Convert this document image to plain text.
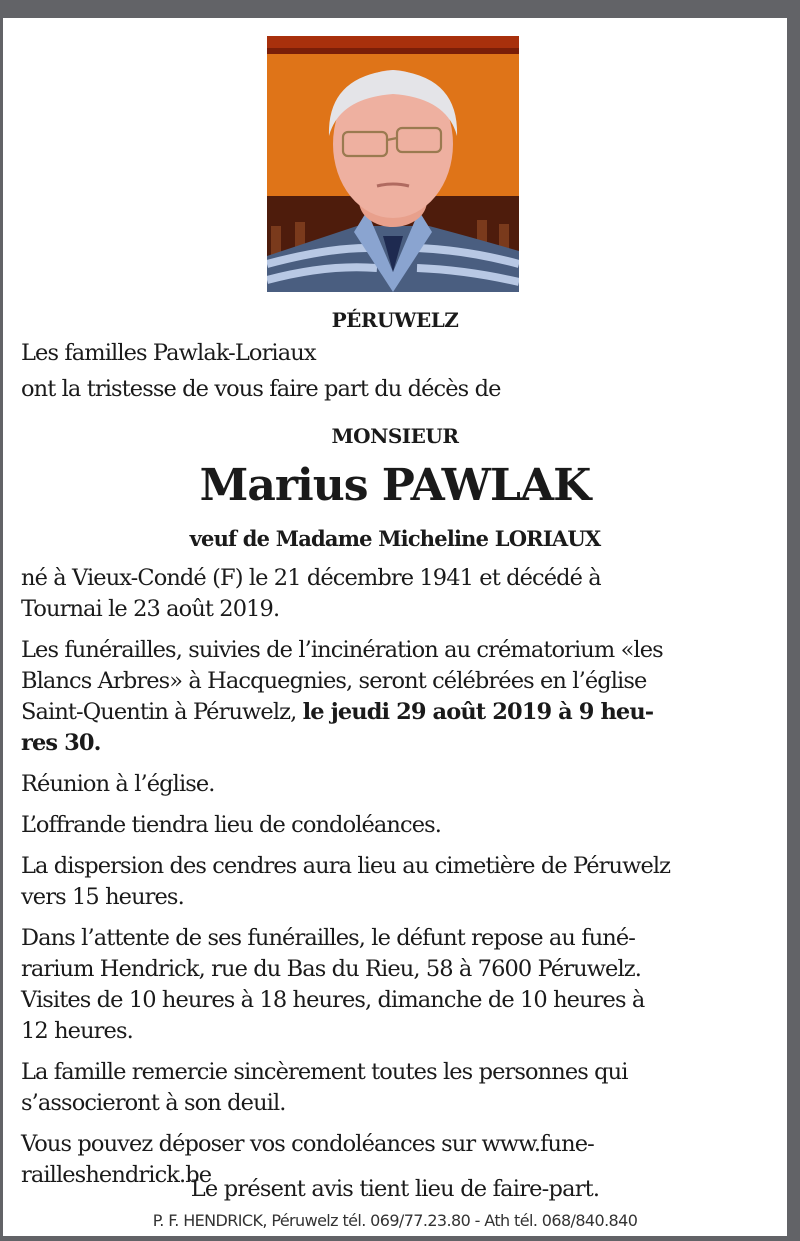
PÉRUWELZ
Les familles Pawlak-Loriaux
ont la tristesse de vous faire part du décès de
MONSIEUR
Marius PAWLAK
veuf de Madame Micheline LORIAUX
né à Vieux-Condé (F) le 21 décembre 1941 et décédé à
Tournai le 23 août 2019.
Les funérailles, suivies de l’incinération au crématorium «les
Blancs Arbres» à Hacquegnies, seront célébrées en l’église
Saint-Quentin à Péruwelz, le jeudi 29 août 2019 à 9 heu-
res 30.
Réunion à l’église.
L’offrande tiendra lieu de condoléances.
La dispersion des cendres aura lieu au cimetière de Péruwelz
vers 15 heures.
Dans l’attente de ses funérailles, le défunt repose au funé-
rarium Hendrick, rue du Bas du Rieu, 58 à 7600 Péruwelz.
Visites de 10 heures à 18 heures, dimanche de 10 heures à
12 heures.
La famille remercie sincèrement toutes les personnes qui
s’associeront à son deuil.
Vous pouvez déposer vos condoléances sur www.fune-
railleshendrick.be
Le présent avis tient lieu de faire-part.
P. F. HENDRICK, Péruwelz tél. 069/77.23.80 - Ath tél. 068/840.840
